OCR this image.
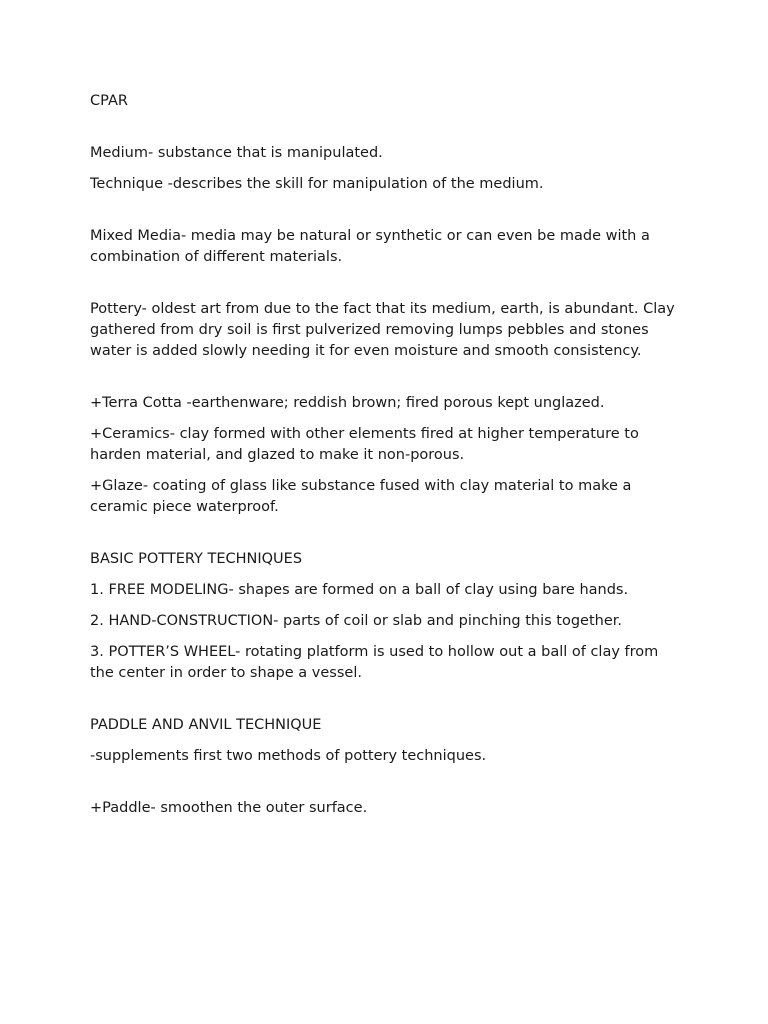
CPAR

Medium- substance that is manipulated.

Technique -describes the skill for manipulation of the medium.

Mixed Media- media may be natural or synthetic or can even be made with a combination of different materials.

Pottery- oldest art from due to the fact that its medium, earth, is abundant. Clay gathered from dry soil is first pulverized removing lumps pebbles and stones water is added slowly needing it for even moisture and smooth consistency.

+Terra Cotta -earthenware; reddish brown; fired porous kept unglazed.

+Ceramics- clay formed with other elements fired at higher temperature to harden material, and glazed to make it non-porous.

+Glaze- coating of glass like substance fused with clay material to make a ceramic piece waterproof.

BASIC POTTERY TECHNIQUES

1. FREE MODELING- shapes are formed on a ball of clay using bare hands.

2. HAND-CONSTRUCTION- parts of coil or slab and pinching this together.

3. POTTER’S WHEEL- rotating platform is used to hollow out a ball of clay from the center in order to shape a vessel.

PADDLE AND ANVIL TECHNIQUE

-supplements first two methods of pottery techniques.

+Paddle- smoothen the outer surface.
